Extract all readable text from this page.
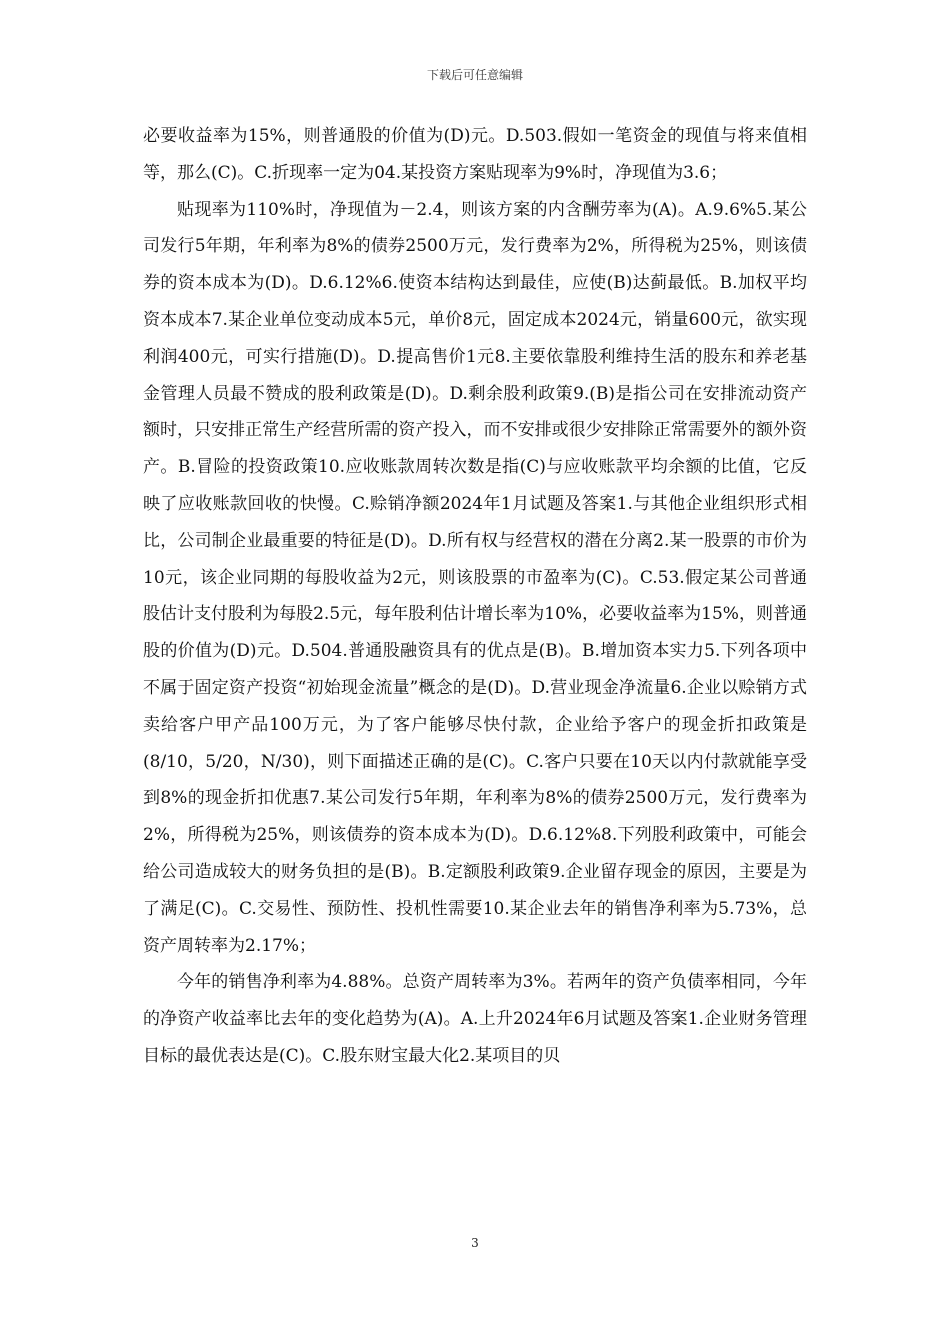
下载后可任意编辑

必要收益率为15%，则普通股的价值为(D)元。D.503.假如一笔资金的现值与将来值相等，那么(C)。C.折现率一定为04.某投资方案贴现率为9%时，净现值为3.6；

贴现率为110%时，净现值为－2.4，则该方案的内含酬劳率为(A)。A.9.6%5.某公司发行5年期，年利率为8%的债券2500万元，发行费率为2%，所得税为25%，则该债券的资本成本为(D)。D.6.12%6.使资本结构达到最佳，应使(B)达蓟最低。B.加权平均资本成本7.某企业单位变动成本5元，单价8元，固定成本2024元，销量600元，欲实现利润400元，可实行措施(D)。D.提高售价1元8.主要依靠股利维持生活的股东和养老基金管理人员最不赞成的股利政策是(D)。D.剩余股利政策9.(B)是指公司在安排流动资产额时，只安排正常生产经营所需的资产投入，而不安排或很少安排除正常需要外的额外资产。B.冒险的投资政策10.应收账款周转次数是指(C)与应收账款平均余额的比值，它反映了应收账款回收的快慢。C.赊销净额2024年1月试题及答案1.与其他企业组织形式相比，公司制企业最重要的特征是(D)。D.所有权与经营权的潜在分离2.某一股票的市价为10元，该企业同期的每股收益为2元，则该股票的市盈率为(C)。C.53.假定某公司普通股估计支付股利为每股2.5元，每年股利估计增长率为10%，必要收益率为15%，则普通股的价值为(D)元。D.504.普通股融资具有的优点是(B)。B.增加资本实力5.下列各项中不属于固定资产投资“初始现金流量”概念的是(D)。D.营业现金净流量6.企业以赊销方式卖给客户甲产品100万元，为了客户能够尽快付款，企业给予客户的现金折扣政策是(8/10，5/20，N/30)，则下面描述正确的是(C)。C.客户只要在10天以内付款就能享受到8%的现金折扣优惠7.某公司发行5年期，年利率为8%的债券2500万元，发行费率为2%，所得税为25%，则该债券的资本成本为(D)。D.6.12%8.下列股利政策中，可能会给公司造成较大的财务负担的是(B)。B.定额股利政策9.企业留存现金的原因，主要是为了满足(C)。C.交易性、预防性、投机性需要10.某企业去年的销售净利率为5.73%，总资产周转率为2.17%；

今年的销售净利率为4.88%。总资产周转率为3%。若两年的资产负债率相同，今年的净资产收益率比去年的变化趋势为(A)。A.上升2024年6月试题及答案1.企业财务管理目标的最优表达是(C)。C.股东财宝最大化2.某项目的贝

3
